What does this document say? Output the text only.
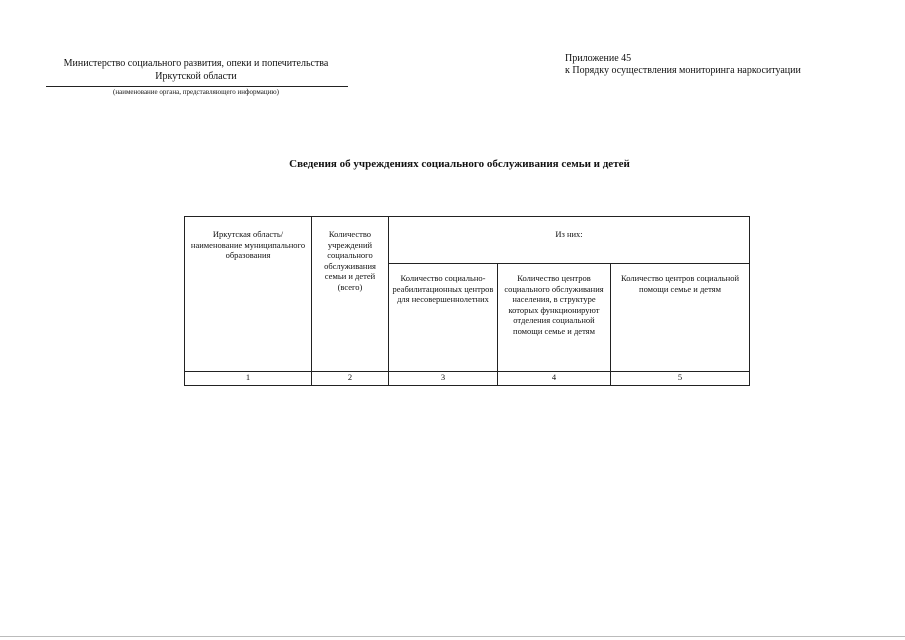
Министерство социального развития, опеки и попечительства
Иркутской области
(наименование органа, представляющего информацию)
Приложение 45
к Порядку осуществления мониторинга наркоситуации
Сведения об учреждениях социального обслуживания семьи и детей
Иркутская область/ наименование муниципального образования	Количество учреждений социального обслуживания семьи и детей (всего)	Из них:		
		Количество социально-реабилитационных центров для несовершеннолетних	Количество центров социального обслуживания населения, в структуре которых функционируют отделения социальной помощи семье и детям	Количество центров социальной помощи семье и детям
1	2	3	4	5
